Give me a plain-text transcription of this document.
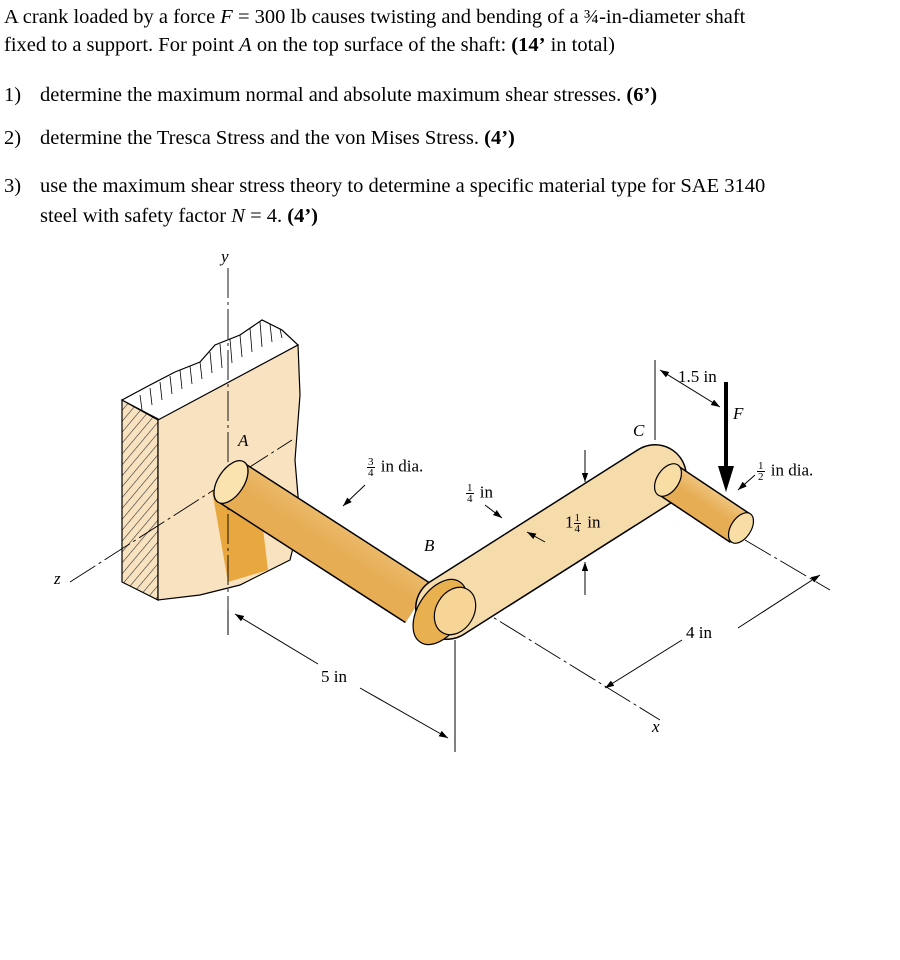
A crank loaded by a force F = 300 lb causes twisting and bending of a ¾-in-diameter shaft
fixed to a support. For point A on the top surface of the shaft: (14’ in total)
1) determine the maximum normal and absolute maximum shear stresses. (6’)
2) determine the Tresca Stress and the von Mises Stress. (4’)
3) use the maximum shear stress theory to determine a specific material type for SAE 3140
steel with safety factor N = 4. (4’)
y
z
x
A
B
C
F
1.5 in
4 in
5 in
$\frac{3}{4}$ in dia.
$\frac{1}{4}$ in
$1 \frac{1}{4}$ in
$\frac{1}{2}$ in dia.
